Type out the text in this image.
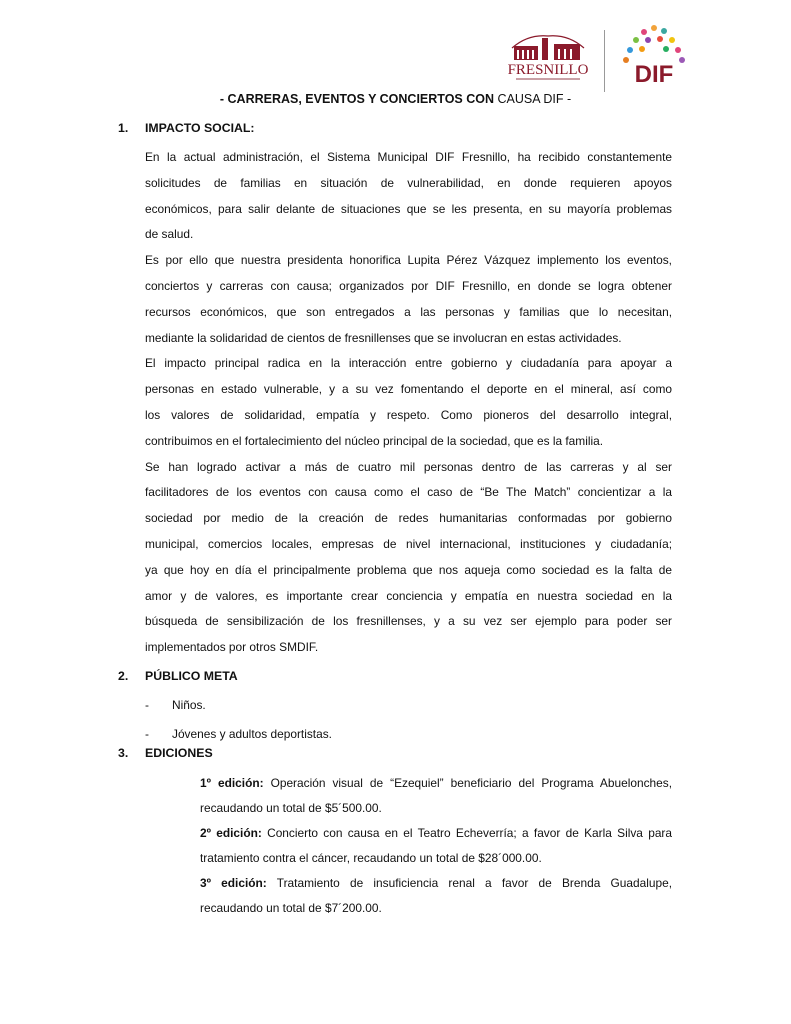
FRESNILLO DIF
- CARRERAS, EVENTOS Y CONCIERTOS CON CAUSA DIF -
1. IMPACTO SOCIAL:
En la actual administración, el Sistema Municipal DIF Fresnillo, ha recibido constantemente
solicitudes de familias en situación de vulnerabilidad, en donde requieren apoyos
económicos, para salir delante de situaciones que se les presenta, en su mayoría problemas
de salud.
Es por ello que nuestra presidenta honorifica Lupita Pérez Vázquez implemento los eventos,
conciertos y carreras con causa; organizados por DIF Fresnillo, en donde se logra obtener
recursos económicos, que son entregados a las personas y familias que lo necesitan,
mediante la solidaridad de cientos de fresnillenses que se involucran en estas actividades.
El impacto principal radica en la interacción entre gobierno y ciudadanía para apoyar a
personas en estado vulnerable, y a su vez fomentando el deporte en el mineral, así como
los valores de solidaridad, empatía y respeto. Como pioneros del desarrollo integral,
contribuimos en el fortalecimiento del núcleo principal de la sociedad, que es la familia.
Se han logrado activar a más de cuatro mil personas dentro de las carreras y al ser
facilitadores de los eventos con causa como el caso de “Be The Match” concientizar a la
sociedad por medio de la creación de redes humanitarias conformadas por gobierno
municipal, comercios locales, empresas de nivel internacional, instituciones y ciudadanía;
ya que hoy en día el principalmente problema que nos aqueja como sociedad es la falta de
amor y de valores, es importante crear conciencia y empatía en nuestra sociedad en la
búsqueda de sensibilización de los fresnillenses, y a su vez ser ejemplo para poder ser
implementados por otros SMDIF.
2. PÚBLICO META
- Niños.
- Jóvenes y adultos deportistas.
3. EDICIONES
1º edición: Operación visual de “Ezequiel” beneficiario del Programa Abuelonches,
recaudando un total de $5´500.00.
2º edición: Concierto con causa en el Teatro Echeverría; a favor de Karla Silva para
tratamiento contra el cáncer, recaudando un total de $28´000.00.
3º edición: Tratamiento de insuficiencia renal a favor de Brenda Guadalupe,
recaudando un total de $7´200.00.
